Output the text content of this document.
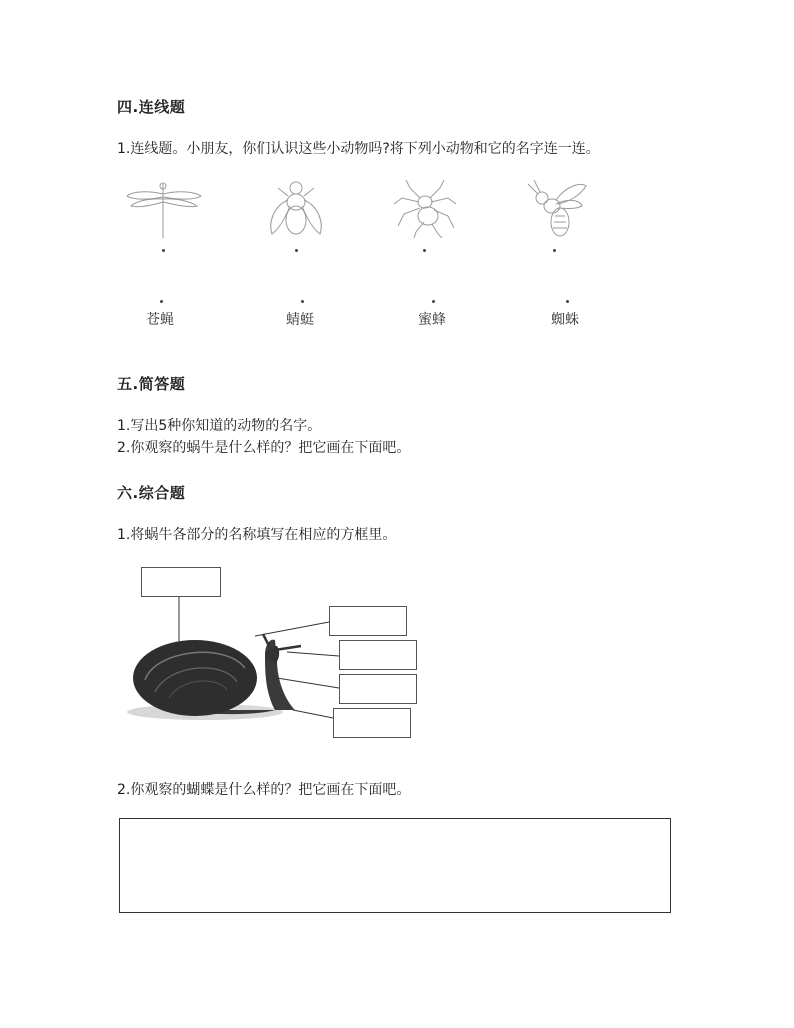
四.连线题
1.连线题。小朋友，你们认识这些小动物吗?将下列小动物和它的名字连一连。
苍蝇	蜻蜓	蜜蜂	蜘蛛
五.简答题
1.写出5种你知道的动物的名字。
2.你观察的蜗牛是什么样的？把它画在下面吧。
六.综合题
1.将蜗牛各部分的名称填写在相应的方框里。
2.你观察的蝴蝶是什么样的？把它画在下面吧。
